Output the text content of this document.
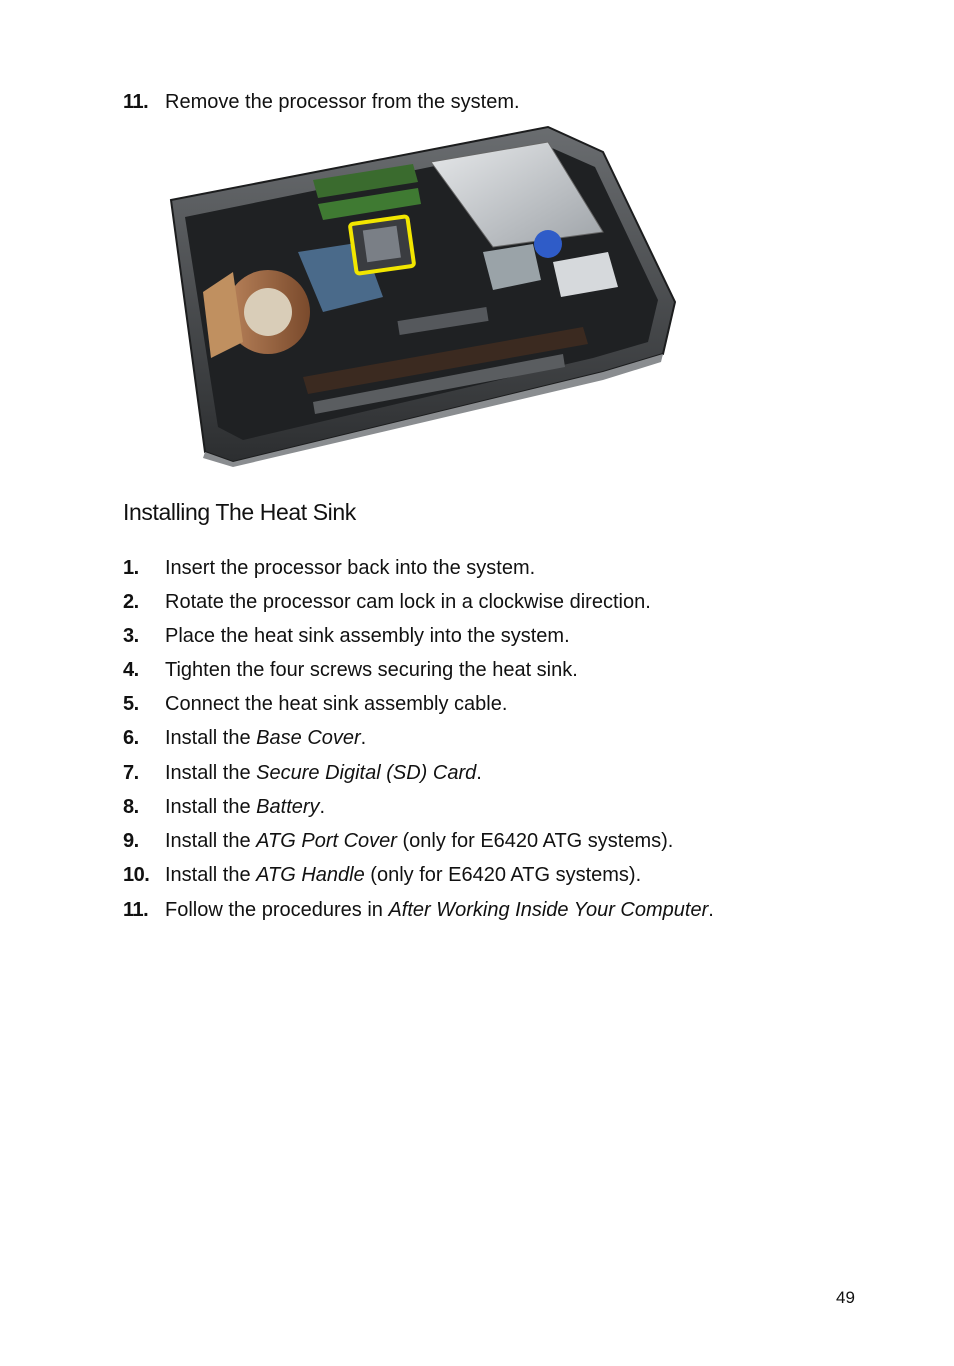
11. Remove the processor from the system.
Installing The Heat Sink
1. Insert the processor back into the system.
2. Rotate the processor cam lock in a clockwise direction.
3. Place the heat sink assembly into the system.
4. Tighten the four screws securing the heat sink.
5. Connect the heat sink assembly cable.
6. Install the Base Cover.
7. Install the Secure Digital (SD) Card.
8. Install the Battery.
9. Install the ATG Port Cover (only for E6420 ATG systems).
10. Install the ATG Handle (only for E6420 ATG systems).
11. Follow the procedures in After Working Inside Your Computer.
49
